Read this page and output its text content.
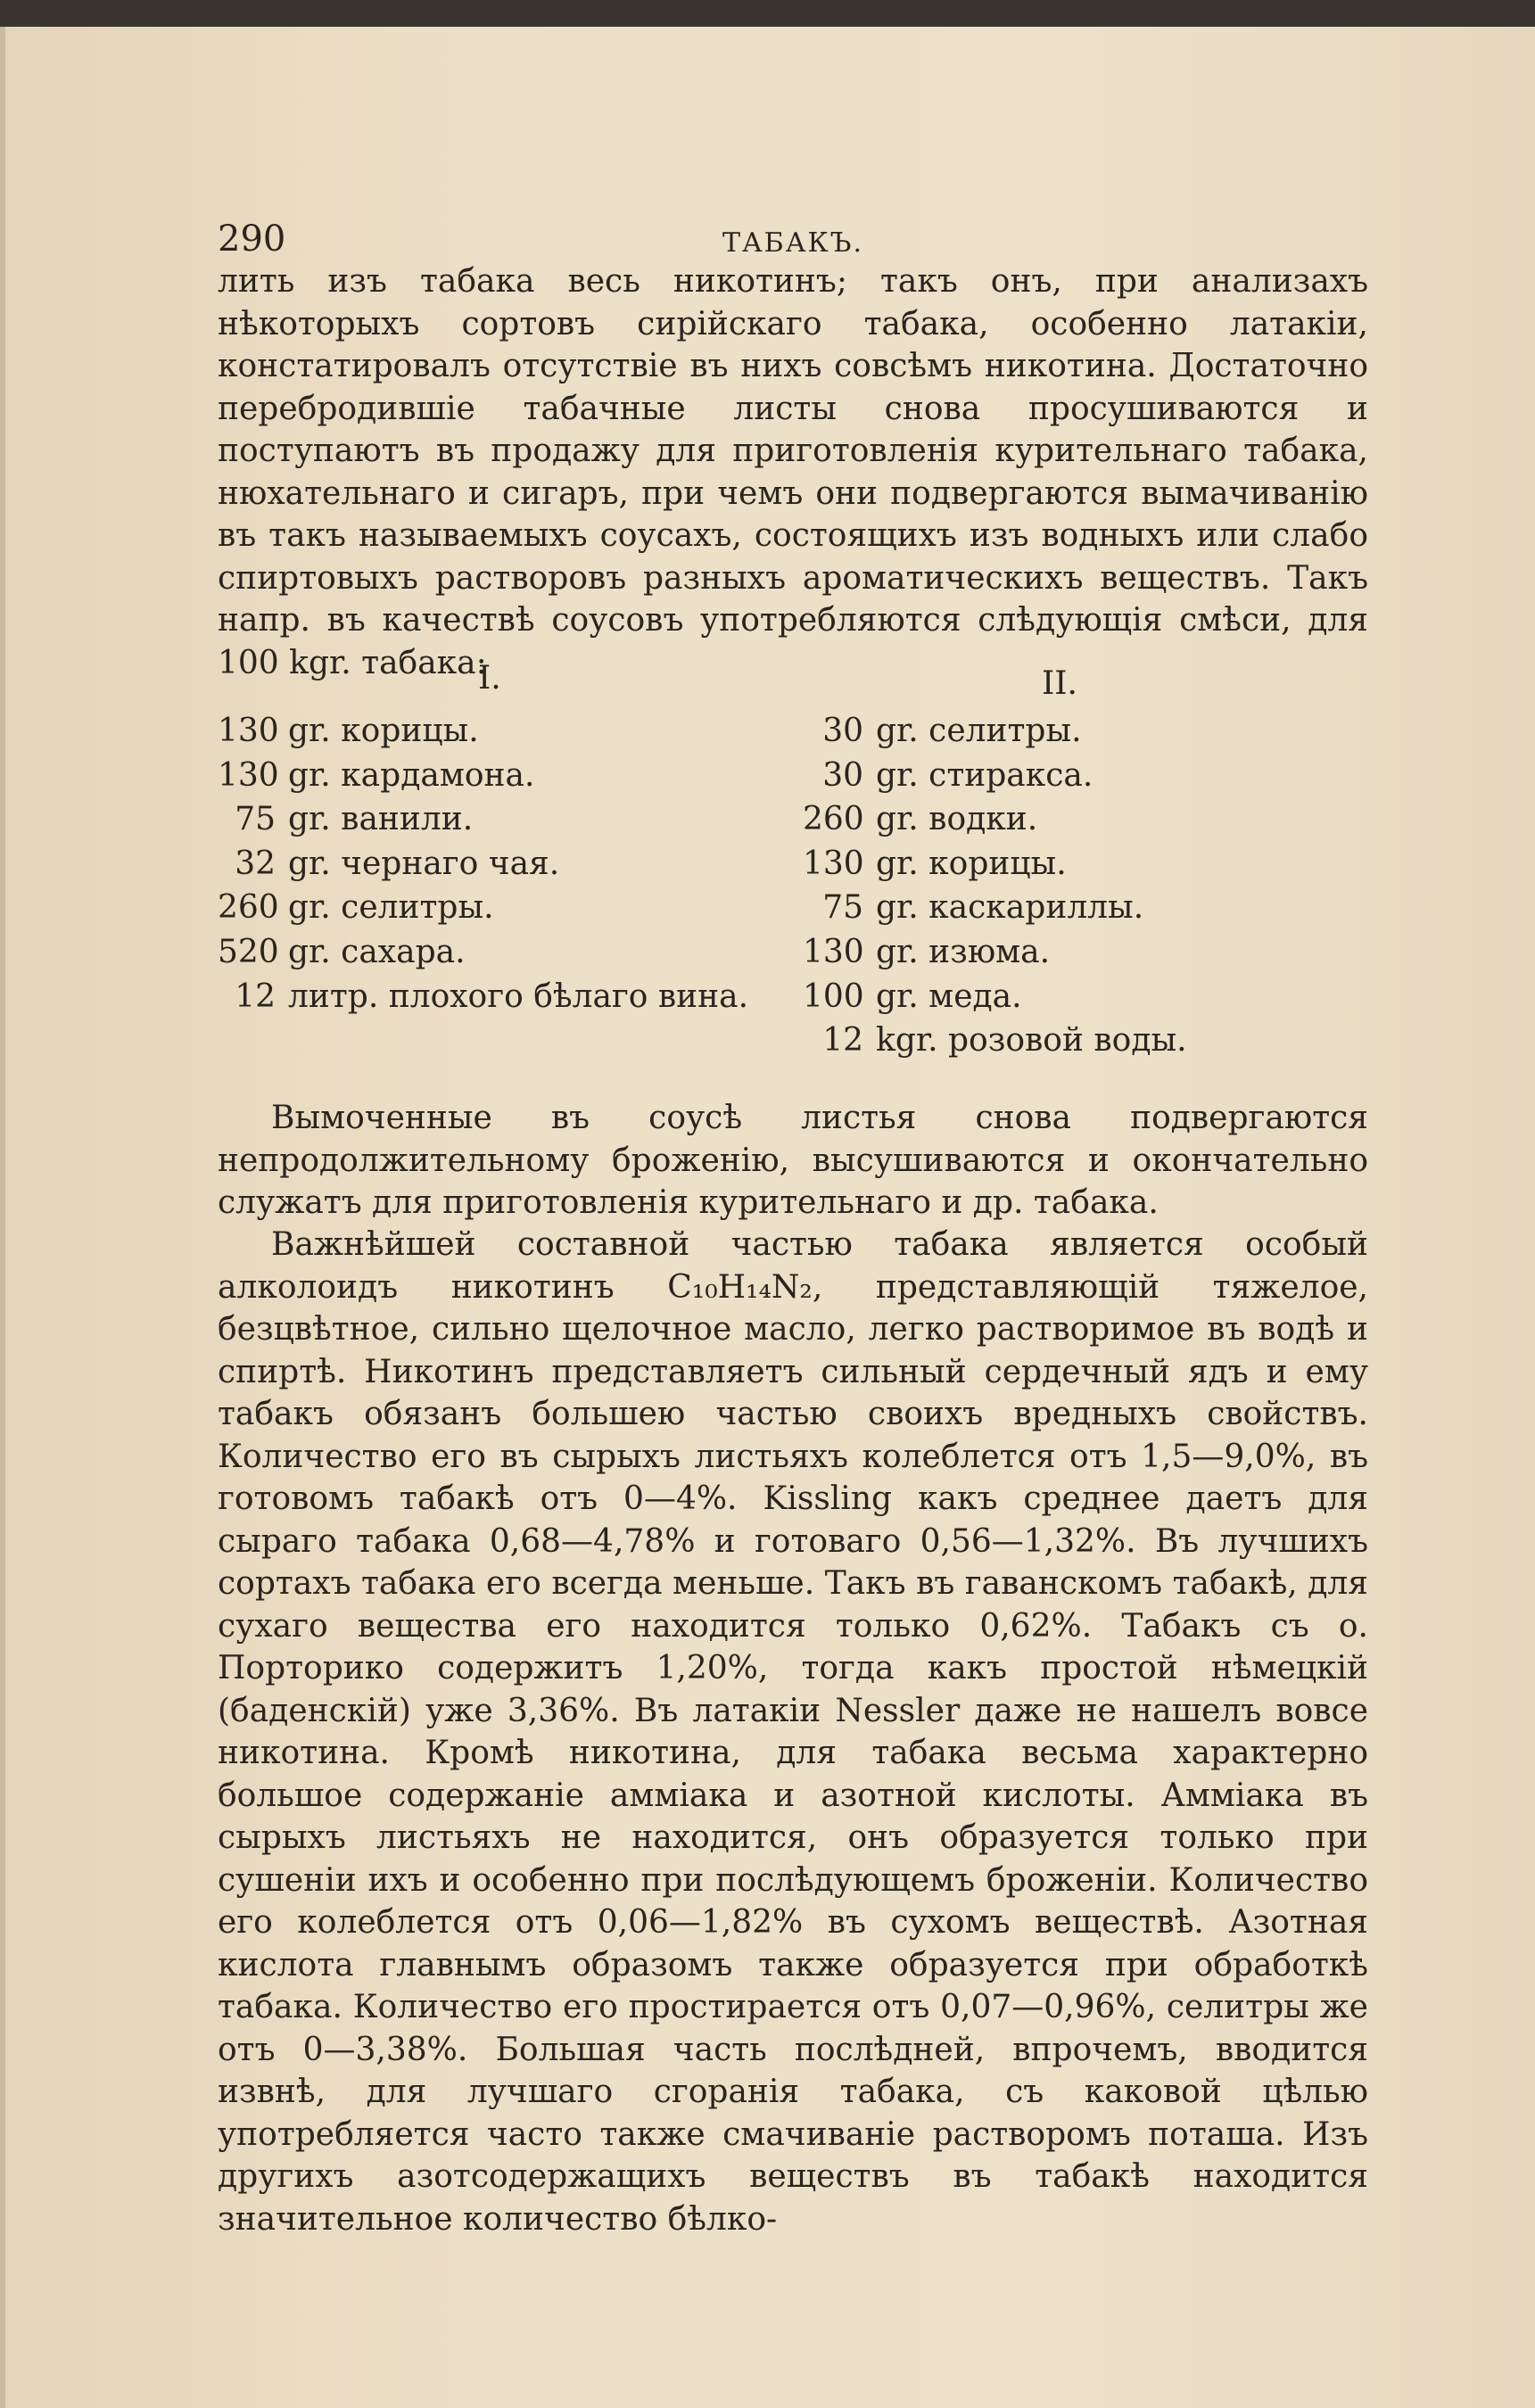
290	ТАБАКЪ.
лить изъ табака весь никотинъ; такъ онъ, при анализахъ нѣкоторыхъ сортовъ сирійскаго табака, особенно латакіи, констатировалъ отсутствіе въ нихъ совсѣмъ никотина. Достаточно перебродившіе табачные листы снова просушиваются и поступаютъ въ продажу для приготовленія курительнаго табака, нюхательнаго и сигаръ, при чемъ они подвергаются вымачиванію въ такъ называемыхъ соусахъ, состоящихъ изъ водныхъ или слабо спиртовыхъ растворовъ разныхъ ароматическихъ веществъ. Такъ напр. въ качествѣ соусовъ употребляются слѣдующія смѣси, для 100 kgr. табака:
I.	II.
130 gr. корицы.
130 gr. кардамона.
75 gr. ванили.
32 gr. чернаго чая.
260 gr. селитры.
520 gr. сахара.
12 литр. плохого бѣлаго вина.
30 gr. селитры.
30 gr. стиракса.
260 gr. водки.
130 gr. корицы.
75 gr. каскариллы.
130 gr. изюма.
100 gr. меда.
12 kgr. розовой воды.
Вымоченные въ соусѣ листья снова подвергаются непродолжительному броженію, высушиваются и окончательно служатъ для приготовленія курительнаго и др. табака.
Важнѣйшей составной частью табака является особый алколоидъ никотинъ C₁₀H₁₄N₂, представляющій тяжелое, безцвѣтное, сильно щелочное масло, легко растворимое въ водѣ и спиртѣ. Никотинъ представляетъ сильный сердечный ядъ и ему табакъ обязанъ большею частью своихъ вредныхъ свойствъ. Количество его въ сырыхъ листьяхъ колеблется отъ 1,5—9,0%, въ готовомъ табакѣ отъ 0—4%. Kissling какъ среднее даетъ для сыраго табака 0,68—4,78% и готоваго 0,56—1,32%. Въ лучшихъ сортахъ табака его всегда меньше. Такъ въ гаванскомъ табакѣ, для сухаго вещества его находится только 0,62%. Табакъ съ о. Порторико содержитъ 1,20%, тогда какъ простой нѣмецкій (баденскій) уже 3,36%. Въ латакіи Nessler даже не нашелъ вовсе никотина. Кромѣ никотина, для табака весьма характерно большое содержаніе амміака и азотной кислоты. Амміака въ сырыхъ листьяхъ не находится, онъ образуется только при сушеніи ихъ и особенно при послѣдующемъ броженіи. Количество его колеблется отъ 0,06—1,82% въ сухомъ веществѣ. Азотная кислота главнымъ образомъ также образуется при обработкѣ табака. Количество его простирается отъ 0,07—0,96%, селитры же отъ 0—3,38%. Большая часть послѣдней, впрочемъ, вводится извнѣ, для лучшаго сгоранія табака, съ каковой цѣлью употребляется часто также смачиваніе растворомъ поташа. Изъ другихъ азотсодержащихъ веществъ въ табакѣ находится значительное количество бѣлко-
